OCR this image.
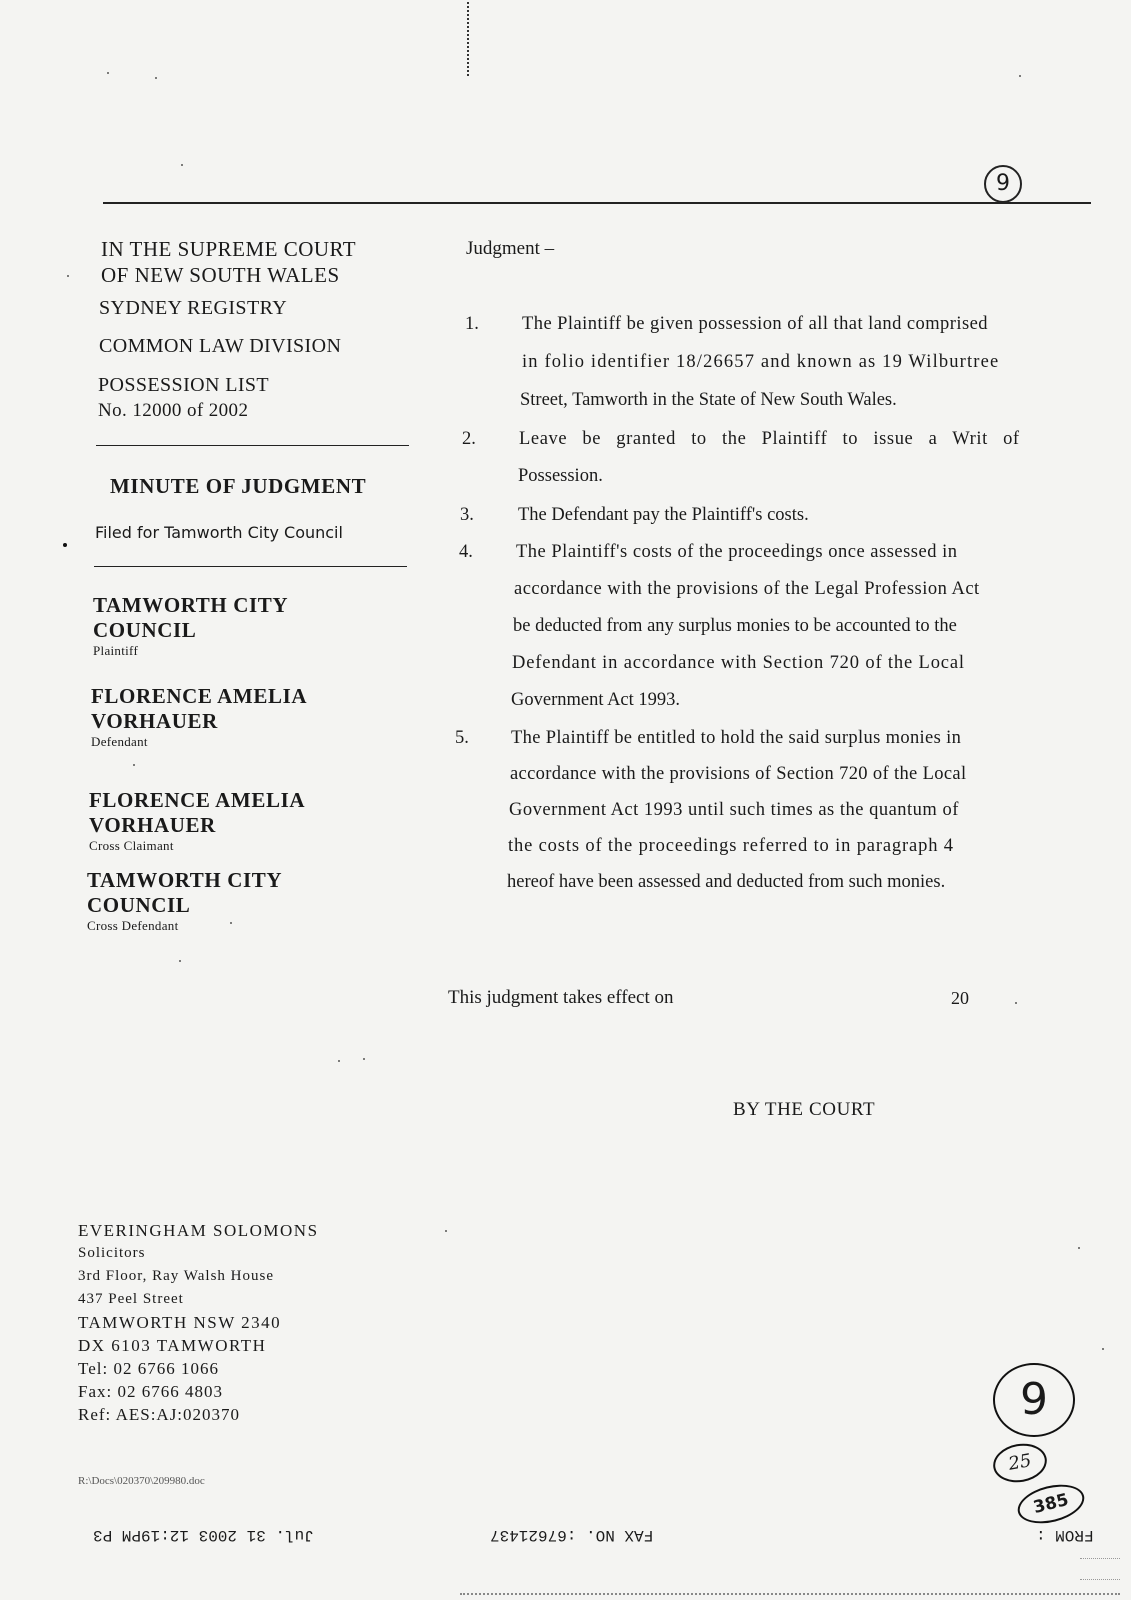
9
IN THE SUPREME COURT
OF NEW SOUTH WALES
SYDNEY REGISTRY
COMMON LAW DIVISION
POSSESSION LIST
No. 12000 of 2002
MINUTE OF JUDGMENT
Filed for Tamworth City Council
TAMWORTH CITY
COUNCIL
Plaintiff
FLORENCE AMELIA
VORHAUER
Defendant
FLORENCE AMELIA
VORHAUER
Cross Claimant
TAMWORTH CITY
COUNCIL
Cross Defendant
Judgment –
1.	The Plaintiff be given possession of all that land comprised
in folio identifier 18/26657 and known as 19 Wilburtree
Street, Tamworth in the State of New South Wales.
2.	Leave be granted to the Plaintiff to issue a Writ of
Possession.
3.	The Defendant pay the Plaintiff's costs.
4.	The Plaintiff's costs of the proceedings once assessed in
accordance with the provisions of the Legal Profession Act
be deducted from any surplus monies to be accounted to the
Defendant in accordance with Section 720 of the Local
Government Act 1993.
5.	The Plaintiff be entitled to hold the said surplus monies in
accordance with the provisions of Section 720 of the Local
Government Act 1993 until such times as the quantum of
the costs of the proceedings referred to in paragraph 4
hereof have been assessed and deducted from such monies.
This judgment takes effect on	20
BY THE COURT
EVERINGHAM SOLOMONS
Solicitors
3rd Floor, Ray Walsh House
437 Peel Street
TAMWORTH NSW 2340
DX 6103 TAMWORTH
Tel: 02 6766 1066
Fax: 02 6766 4803
Ref: AES:AJ:020370
R:\Docs\020370\209980.doc
9
25
385
FROM :
FAX NO. :67621437
Jul. 31 2003 12:19PM P3
